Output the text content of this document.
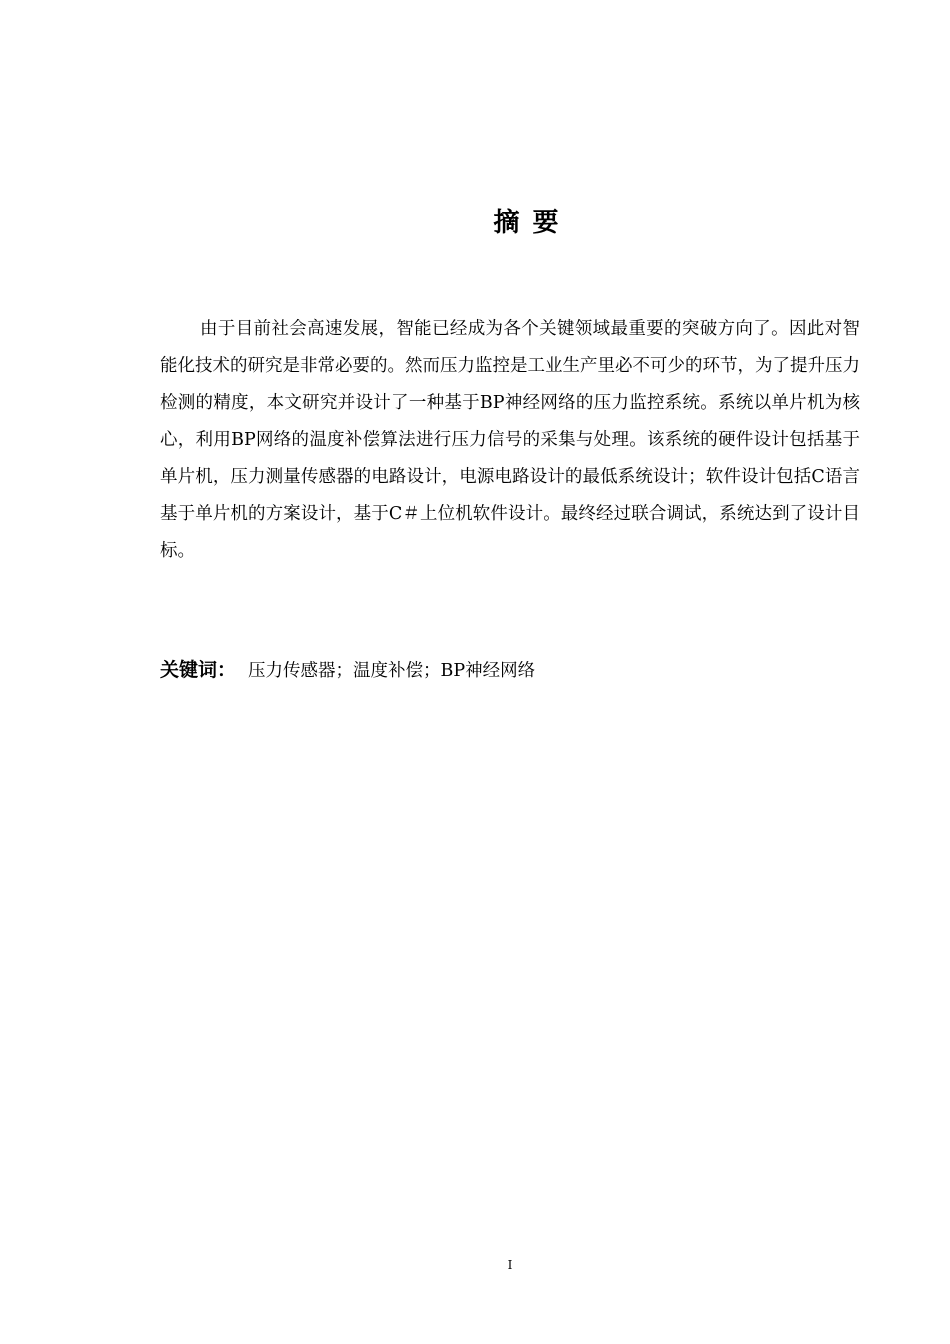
摘 要

由于目前社会高速发展，智能已经成为各个关键领域最重要的突破方向了。因此对智能化技术的研究是非常必要的。然而压力监控是工业生产里必不可少的环节，为了提升压力检测的精度，本文研究并设计了一种基于BP神经网络的压力监控系统。系统以单片机为核心，利用BP网络的温度补偿算法进行压力信号的采集与处理。该系统的硬件设计包括基于单片机，压力测量传感器的电路设计，电源电路设计的最低系统设计；软件设计包括C语言基于单片机的方案设计，基于C＃上位机软件设计。最终经过联合调试，系统达到了设计目标。

关键词： 压力传感器；温度补偿；BP神经网络

I
